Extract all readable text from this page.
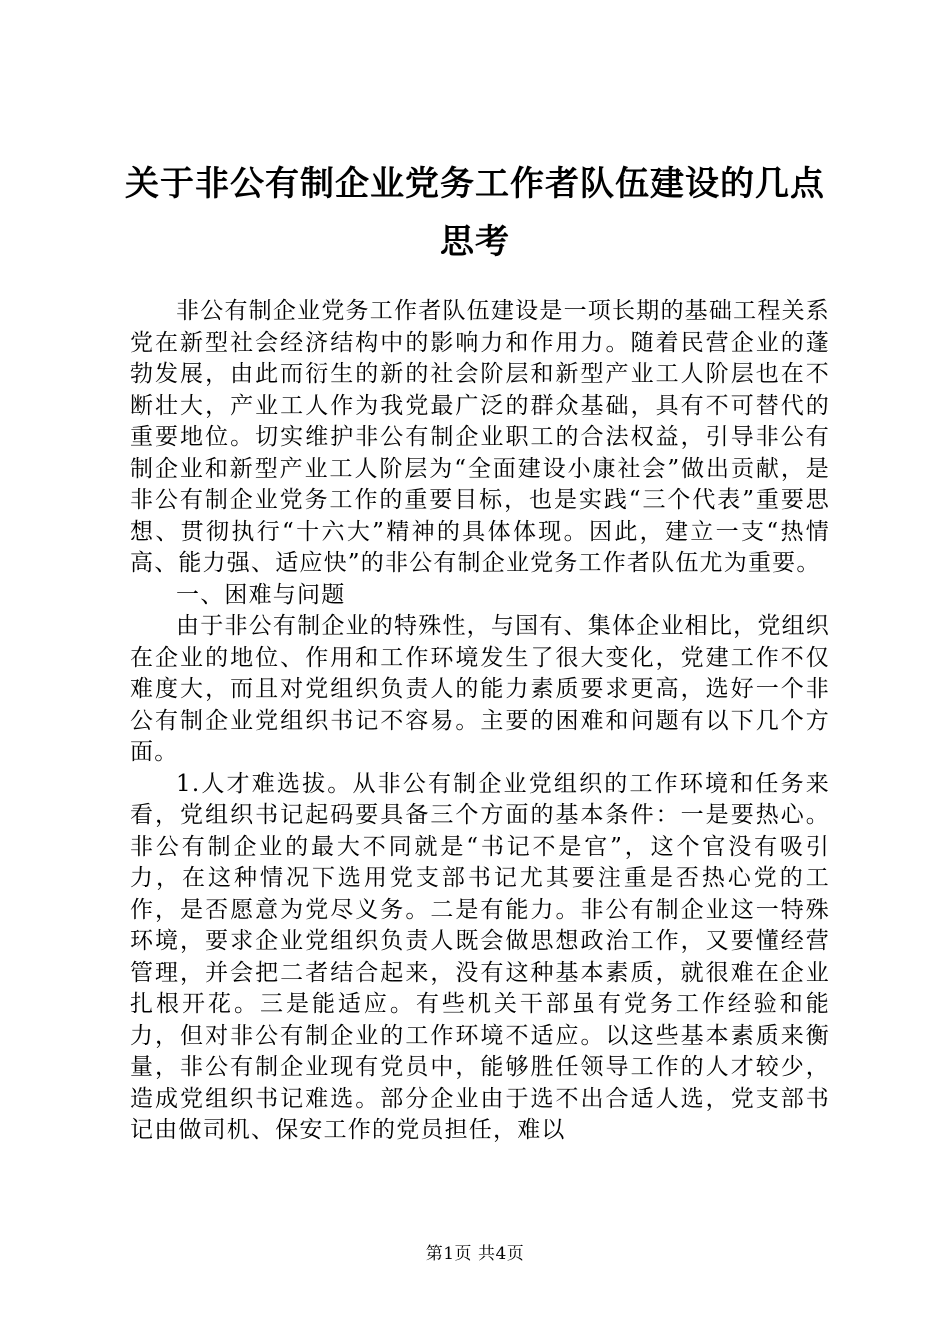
关于非公有制企业党务工作者队伍建设的几点
思考

非公有制企业党务工作者队伍建设是一项长期的基础工程关系党在新型社会经济结构中的影响力和作用力。随着民营企业的蓬勃发展，由此而衍生的新的社会阶层和新型产业工人阶层也在不断壮大，产业工人作为我党最广泛的群众基础，具有不可替代的重要地位。切实维护非公有制企业职工的合法权益，引导非公有制企业和新型产业工人阶层为“全面建设小康社会”做出贡献，是非公有制企业党务工作的重要目标，也是实践“三个代表”重要思想、贯彻执行“十六大”精神的具体体现。因此，建立一支“热情高、能力强、适应快”的非公有制企业党务工作者队伍尤为重要。

一、困难与问题

由于非公有制企业的特殊性，与国有、集体企业相比，党组织在企业的地位、作用和工作环境发生了很大变化，党建工作不仅难度大，而且对党组织负责人的能力素质要求更高，选好一个非公有制企业党组织书记不容易。主要的困难和问题有以下几个方面。

1.人才难选拔。从非公有制企业党组织的工作环境和任务来看，党组织书记起码要具备三个方面的基本条件：一是要热心。非公有制企业的最大不同就是“书记不是官”，这个官没有吸引力，在这种情况下选用党支部书记尤其要注重是否热心党的工作，是否愿意为党尽义务。二是有能力。非公有制企业这一特殊环境，要求企业党组织负责人既会做思想政治工作，又要懂经营管理，并会把二者结合起来，没有这种基本素质，就很难在企业扎根开花。三是能适应。有些机关干部虽有党务工作经验和能力，但对非公有制企业的工作环境不适应。以这些基本素质来衡量，非公有制企业现有党员中，能够胜任领导工作的人才较少，造成党组织书记难选。部分企业由于选不出合适人选，党支部书记由做司机、保安工作的党员担任，难以

第1页 共4页
